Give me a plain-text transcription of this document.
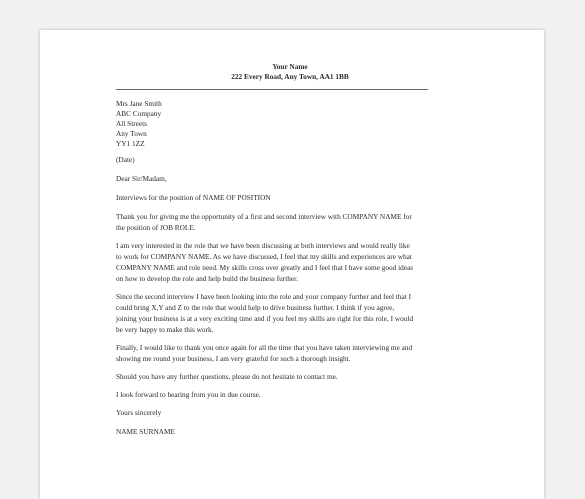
Your Name
222 Every Road, Any Town, AA1 1BB
Mrs Jane Smith
ABC Company
All Streets
Any Town
YY1 1ZZ
(Date)
Dear Sir/Madam,
Interviews for the position of NAME OF POSITION
Thank you for giving me the opportunity of a first and second interview with COMPANY NAME for
the position of JOB ROLE.
I am very interested in the role that we have been discussing at both interviews and would really like
to work for COMPANY NAME. As we have discussed, I feel that my skills and experiences are what
COMPANY NAME and role need. My skills cross over greatly and I feel that I have some good ideas
on how to develop the role and help build the business further.
Since the second interview I have been looking into the role and your company further and feel that I
could bring X,Y and Z to the role that would help to drive business further. I think if you agree,
joining your business is at a very exciting time and if you feel my skills are right for this role, I would
be very happy to make this work.
Finally, I would like to thank you once again for all the time that you have taken interviewing me and
showing me round your business, I am very grateful for such a thorough insight.
Should you have any further questions, please do not hesitate to contact me.
I look forward to hearing from you in due course.
Yours sincerely
NAME SURNAME
